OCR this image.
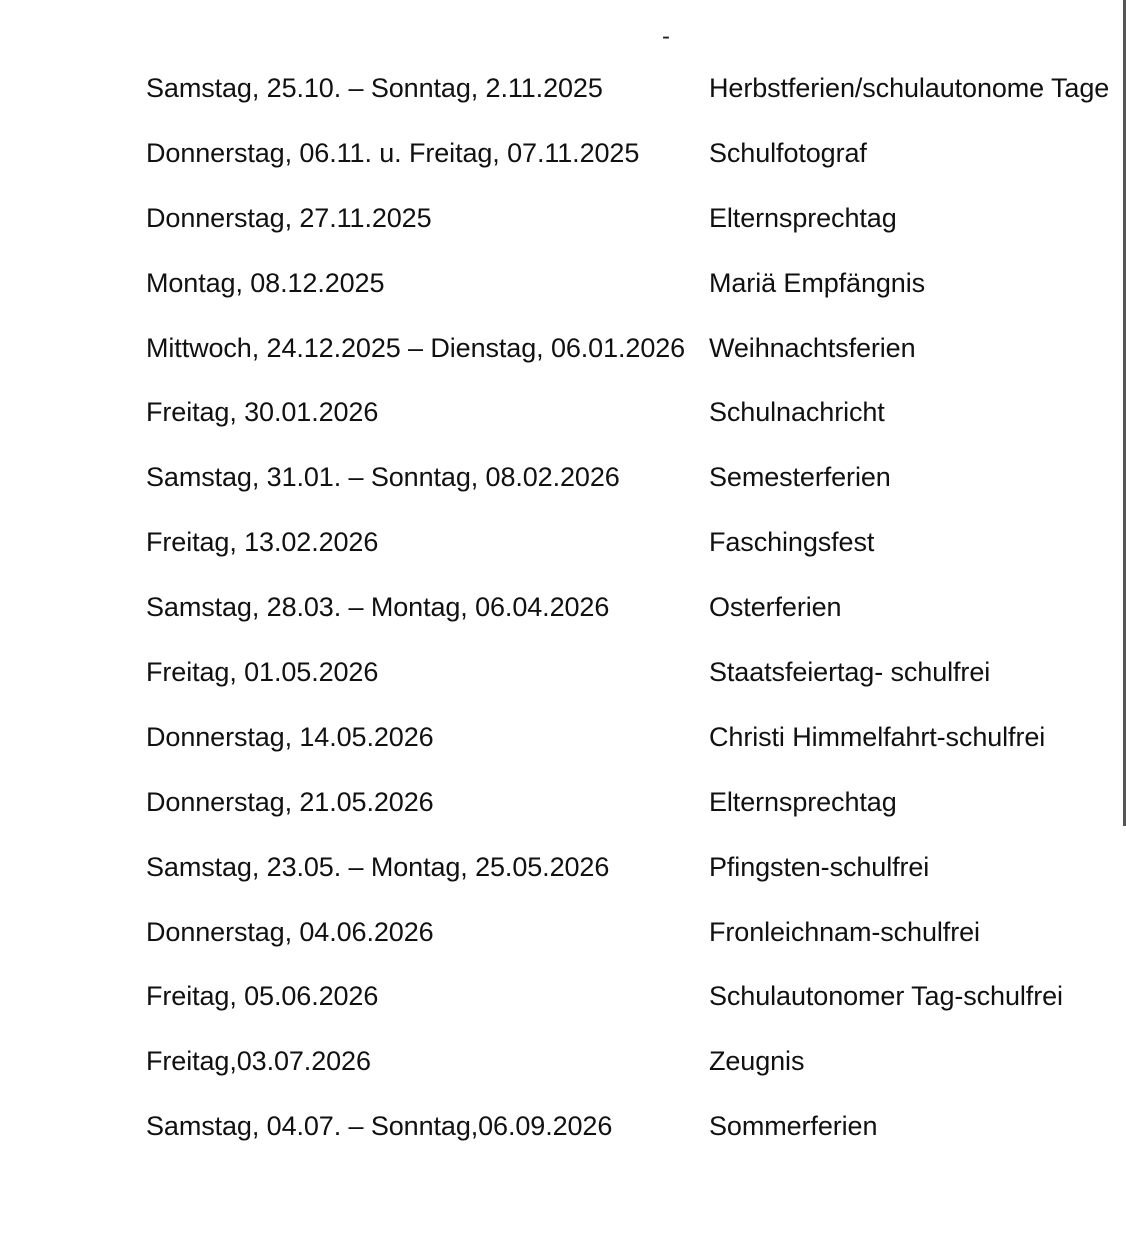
-
Samstag, 25.10. – Sonntag, 2.11.2025	Herbstferien/schulautonome Tage
Donnerstag, 06.11. u. Freitag, 07.11.2025	Schulfotograf
Donnerstag, 27.11.2025	Elternsprechtag
Montag, 08.12.2025	Mariä Empfängnis
Mittwoch, 24.12.2025 – Dienstag, 06.01.2026 Weihnachtsferien
Freitag, 30.01.2026	Schulnachricht
Samstag, 31.01. – Sonntag, 08.02.2026	Semesterferien
Freitag, 13.02.2026	Faschingsfest
Samstag, 28.03. – Montag, 06.04.2026	Osterferien
Freitag, 01.05.2026	Staatsfeiertag- schulfrei
Donnerstag, 14.05.2026	Christi Himmelfahrt-schulfrei
Donnerstag, 21.05.2026	Elternsprechtag
Samstag, 23.05. – Montag, 25.05.2026	Pfingsten-schulfrei
Donnerstag, 04.06.2026	Fronleichnam-schulfrei
Freitag, 05.06.2026	Schulautonomer Tag-schulfrei
Freitag,03.07.2026	Zeugnis
Samstag, 04.07. – Sonntag,06.09.2026	Sommerferien
